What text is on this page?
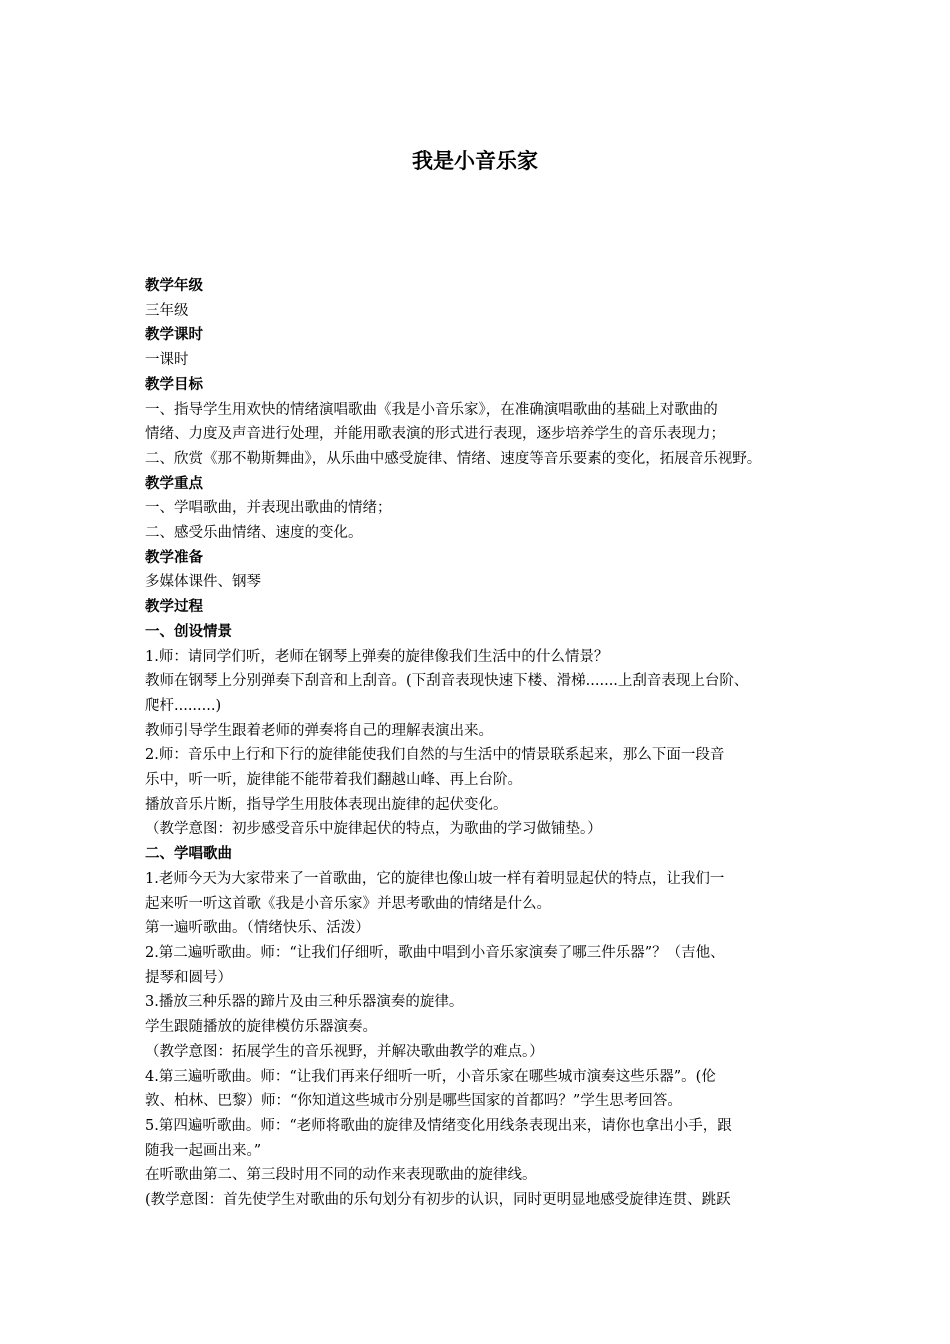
我是小音乐家

教学年级

三年级

教学课时

一课时

教学目标

一、指导学生用欢快的情绪演唱歌曲《我是小音乐家》，在准确演唱歌曲的基础上对歌曲的

情绪、力度及声音进行处理，并能用歌表演的形式进行表现，逐步培养学生的音乐表现力；

二、欣赏《那不勒斯舞曲》，从乐曲中感受旋律、情绪、速度等音乐要素的变化，拓展音乐视野。

教学重点

一、学唱歌曲，并表现出歌曲的情绪；

二、感受乐曲情绪、速度的变化。

教学准备

多媒体课件、钢琴

教学过程

一、创设情景

1.师：请同学们听，老师在钢琴上弹奏的旋律像我们生活中的什么情景？

教师在钢琴上分别弹奏下刮音和上刮音。(下刮音表现快速下楼、滑梯.......上刮音表现上台阶、

爬杆.........)

教师引导学生跟着老师的弹奏将自己的理解表演出来。

2.师：音乐中上行和下行的旋律能使我们自然的与生活中的情景联系起来，那么下面一段音

乐中，听一听，旋律能不能带着我们翻越山峰、再上台阶。

播放音乐片断，指导学生用肢体表现出旋律的起伏变化。

（教学意图：初步感受音乐中旋律起伏的特点，为歌曲的学习做铺垫。）

二、学唱歌曲

1.老师今天为大家带来了一首歌曲，它的旋律也像山坡一样有着明显起伏的特点，让我们一

起来听一听这首歌《我是小音乐家》并思考歌曲的情绪是什么。

第一遍听歌曲。（情绪快乐、活泼）

2.第二遍听歌曲。师：“让我们仔细听，歌曲中唱到小音乐家演奏了哪三件乐器”？（吉他、

提琴和圆号）

3.播放三种乐器的蹄片及由三种乐器演奏的旋律。

学生跟随播放的旋律模仿乐器演奏。

（教学意图：拓展学生的音乐视野，并解决歌曲教学的难点。）

4.第三遍听歌曲。师：“让我们再来仔细听一听，小音乐家在哪些城市演奏这些乐器”。(伦

敦、柏林、巴黎）师：“你知道这些城市分别是哪些国家的首都吗？”学生思考回答。

5.第四遍听歌曲。师：“老师将歌曲的旋律及情绪变化用线条表现出来，请你也拿出小手，跟

随我一起画出来。”

在听歌曲第二、第三段时用不同的动作来表现歌曲的旋律线。

(教学意图：首先使学生对歌曲的乐句划分有初步的认识，同时更明显地感受旋律连贯、跳跃
